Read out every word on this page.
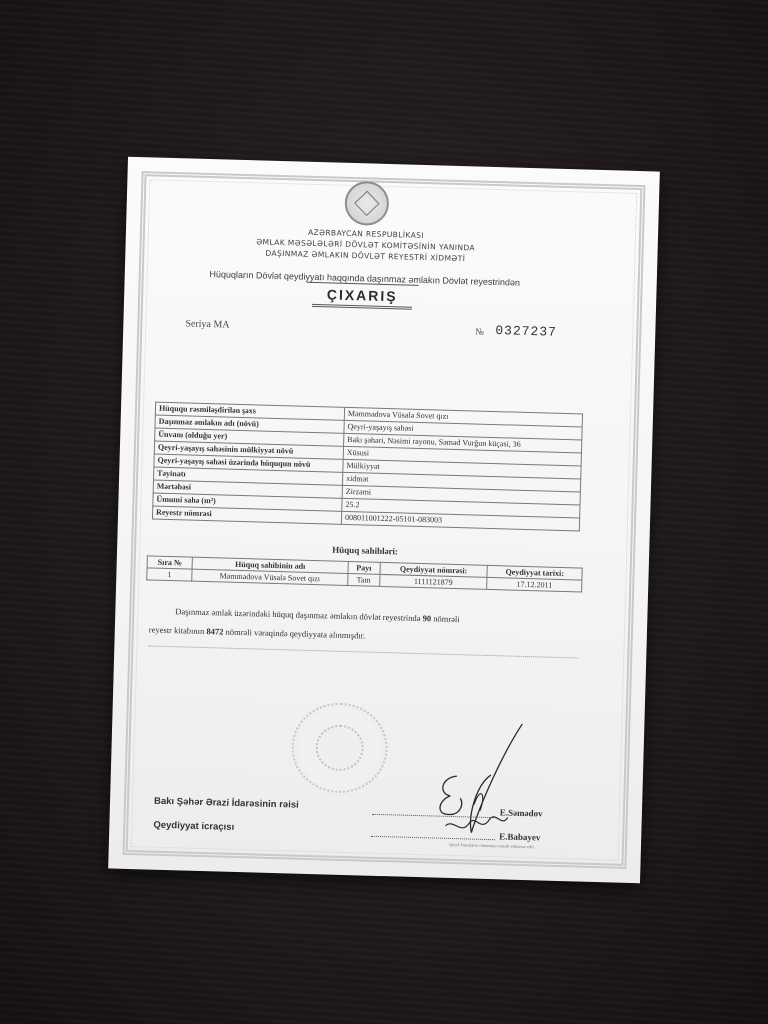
AZƏRBAYCAN RESPUBLİKASI
ƏMLAK MƏSƏLƏLƏRİ DÖVLƏT KOMİTƏSİNİN YANINDA
DAŞINMAZ ƏMLAKIN DÖVLƏT REYESTRİ XİDMƏTİ
Hüquqların Dövlət qeydiyyatı haqqında daşınmaz əmlakın Dövlət reyestrindən
ÇIXARIŞ
Seriya MA
№ 0327237
Hüququ rəsmiləşdirilən şəxs	Məmmədova Vüsalə Sovet qızı
Daşınmaz əmlakın adı (növü)	Qeyri-yaşayış sahəsi
Ünvanı (olduğu yer)	Bakı şəhəri, Nəsimi rayonu, Səməd Vurğun küçəsi, 36
Qeyri-yaşayış sahəsinin mülkiyyət növü	Xüsusi
Qeyri-yaşayış sahəsi üzərində hüququn növü	Mülkiyyət
Təyinatı	xidmət
Mərtəbəsi	Zirzəmi
Ümumi sahə (m²)	25.2
Reyestr nömrəsi	008011001222-05101-083003
Hüquq sahibləri:
Sıra №	Hüquq sahibinin adı	Payı	Qeydiyyat nömrəsi:	Qeydiyyat tarixi:
1	Məmmədova Vüsalə Sovet qızı	Tam	1111121879	17.12.2011
Daşınmaz əmlak üzərindəki hüquq daşınmaz əmlakın dövlət reyestrində 90 nömrəli
reyestr kitabının 8472 nömrəli vərəqində qeydiyyata alınmışdır.
Bakı Şəhər Ərazi İdarəsinin rəisi
E.Səmədov
Qeydiyyat icraçısı
E.Babayev
Qeyd: İmzaların olmaması sənədi etibarsız edir
